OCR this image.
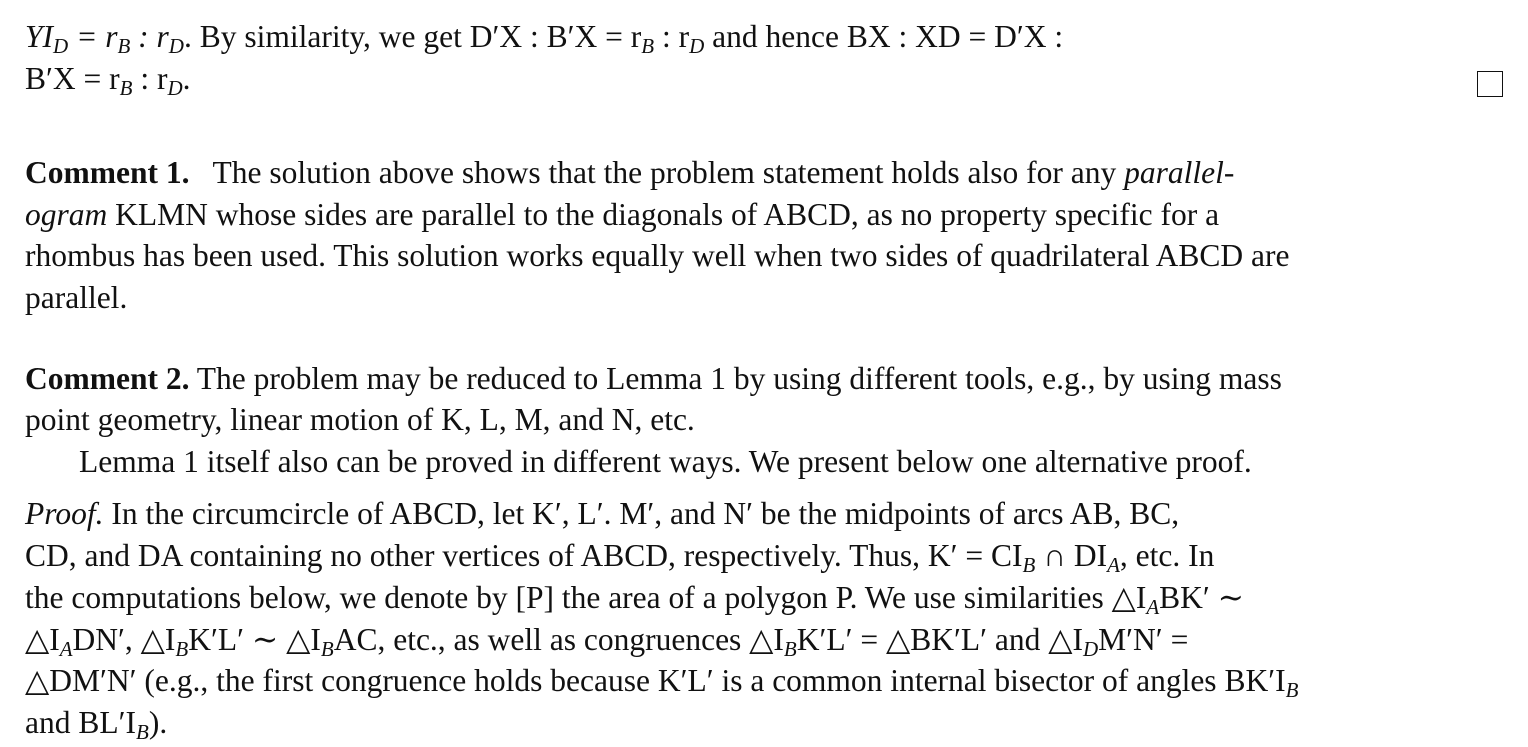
$YI_D = r_B$ : $r_D$. By similarity, we get D′X : $B'X = r_B$ : $r_D$ and hence BX : XD = D′X :
$B'X = r_B$ : $r_D$.
Comment 1. The solution above shows that the problem statement holds also for any parallel-
ogram KLMN whose sides are parallel to the diagonals of ABCD, as no property specific for a
rhombus has been used. This solution works equally well when two sides of quadrilateral ABCD are
parallel.
Comment 2. The problem may be reduced to Lemma 1 by using different tools, e.g., by using mass
point geometry, linear motion of K, L, M, and N, etc.
Lemma 1 itself also can be proved in different ways. We present below one alternative proof.
Proof. In the circumcircle of ABCD, let K′, L′. M′, and N′ be the midpoints of arcs AB, BC,
CD, and DA containing no other vertices of ABCD, respectively. Thus, $K' = CI_B$ ∩ $DI_A$, etc. In
the computations below, we denote by [P] the area of a polygon P. We use similarities $\triangle I_ABK'$ ∼
$\triangle I_ADN'$, $\triangle I_BK'L'$ ∼ $\triangle I_BAC$, etc., as well as congruences $\triangle I_BK'L'$ = △BK′L′ and $\triangle I_DM'N'$ =
△DM′N′ (e.g., the first congruence holds because K′L′ is a common internal bisector of angles $BK'I_B$
and $BL'I_B$).
